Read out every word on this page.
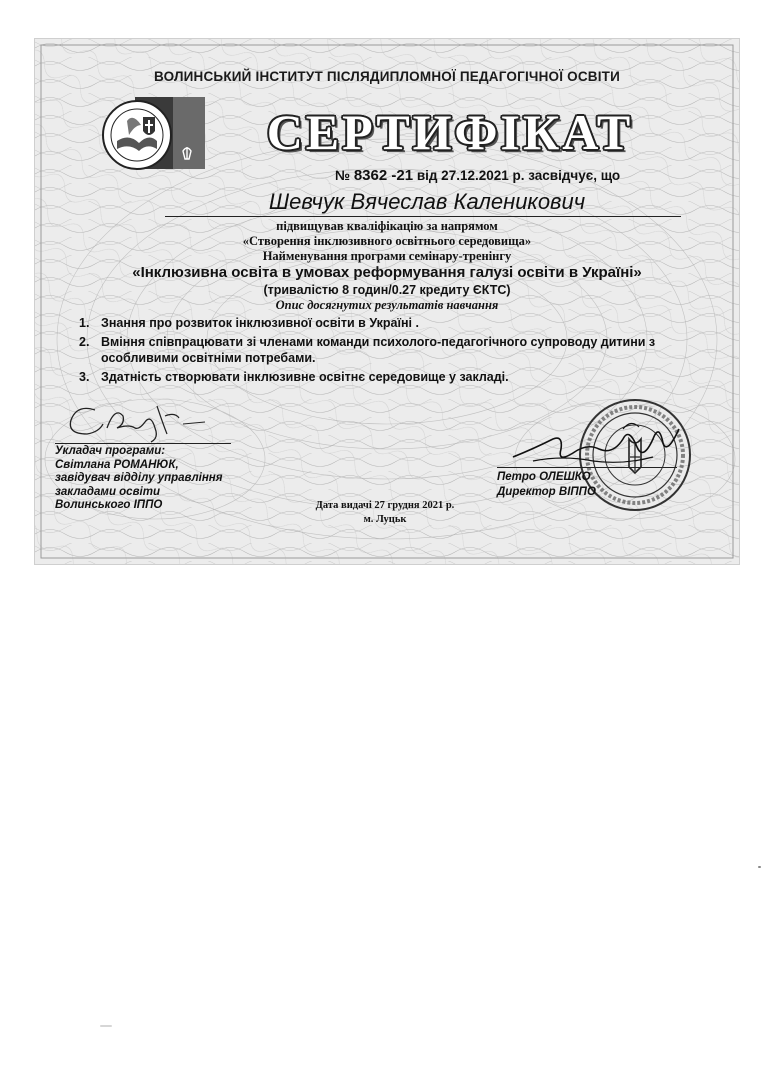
ВОЛИНСЬКИЙ ІНСТИТУТ ПІСЛЯДИПЛОМНОЇ ПЕДАГОГІЧНОЇ ОСВІТИ
СЕРТИФІКАТ
№ 8362 -21 від 27.12.2021 р. засвідчує, що
Шевчук Вячеслав Каленикович
підвищував кваліфікацію за напрямом
«Створення інклюзивного освітнього середовища»
Найменування програми семінару-тренінгу
«Інклюзивна освіта в умовах реформування галузі освіти в Україні»
(тривалістю 8 годин/0.27 кредиту ЄКТС)
Опис досягнутих результатів навчання
1. Знання про розвиток інклюзивної освіти в Україні .
2. Вміння співпрацювати зі членами команди психолого-педагогічного супроводу дитини з особливими освітніми потребами.
3. Здатність створювати інклюзивне освітнє середовище у закладі.
Укладач програми:
Світлана РОМАНЮК,
завідувач відділу управління
закладами освіти
Волинського ІППО	Дата видачі 27 грудня 2021 р.
м. Луцьк
Петро ОЛЕШКО
Директор ВІППО
